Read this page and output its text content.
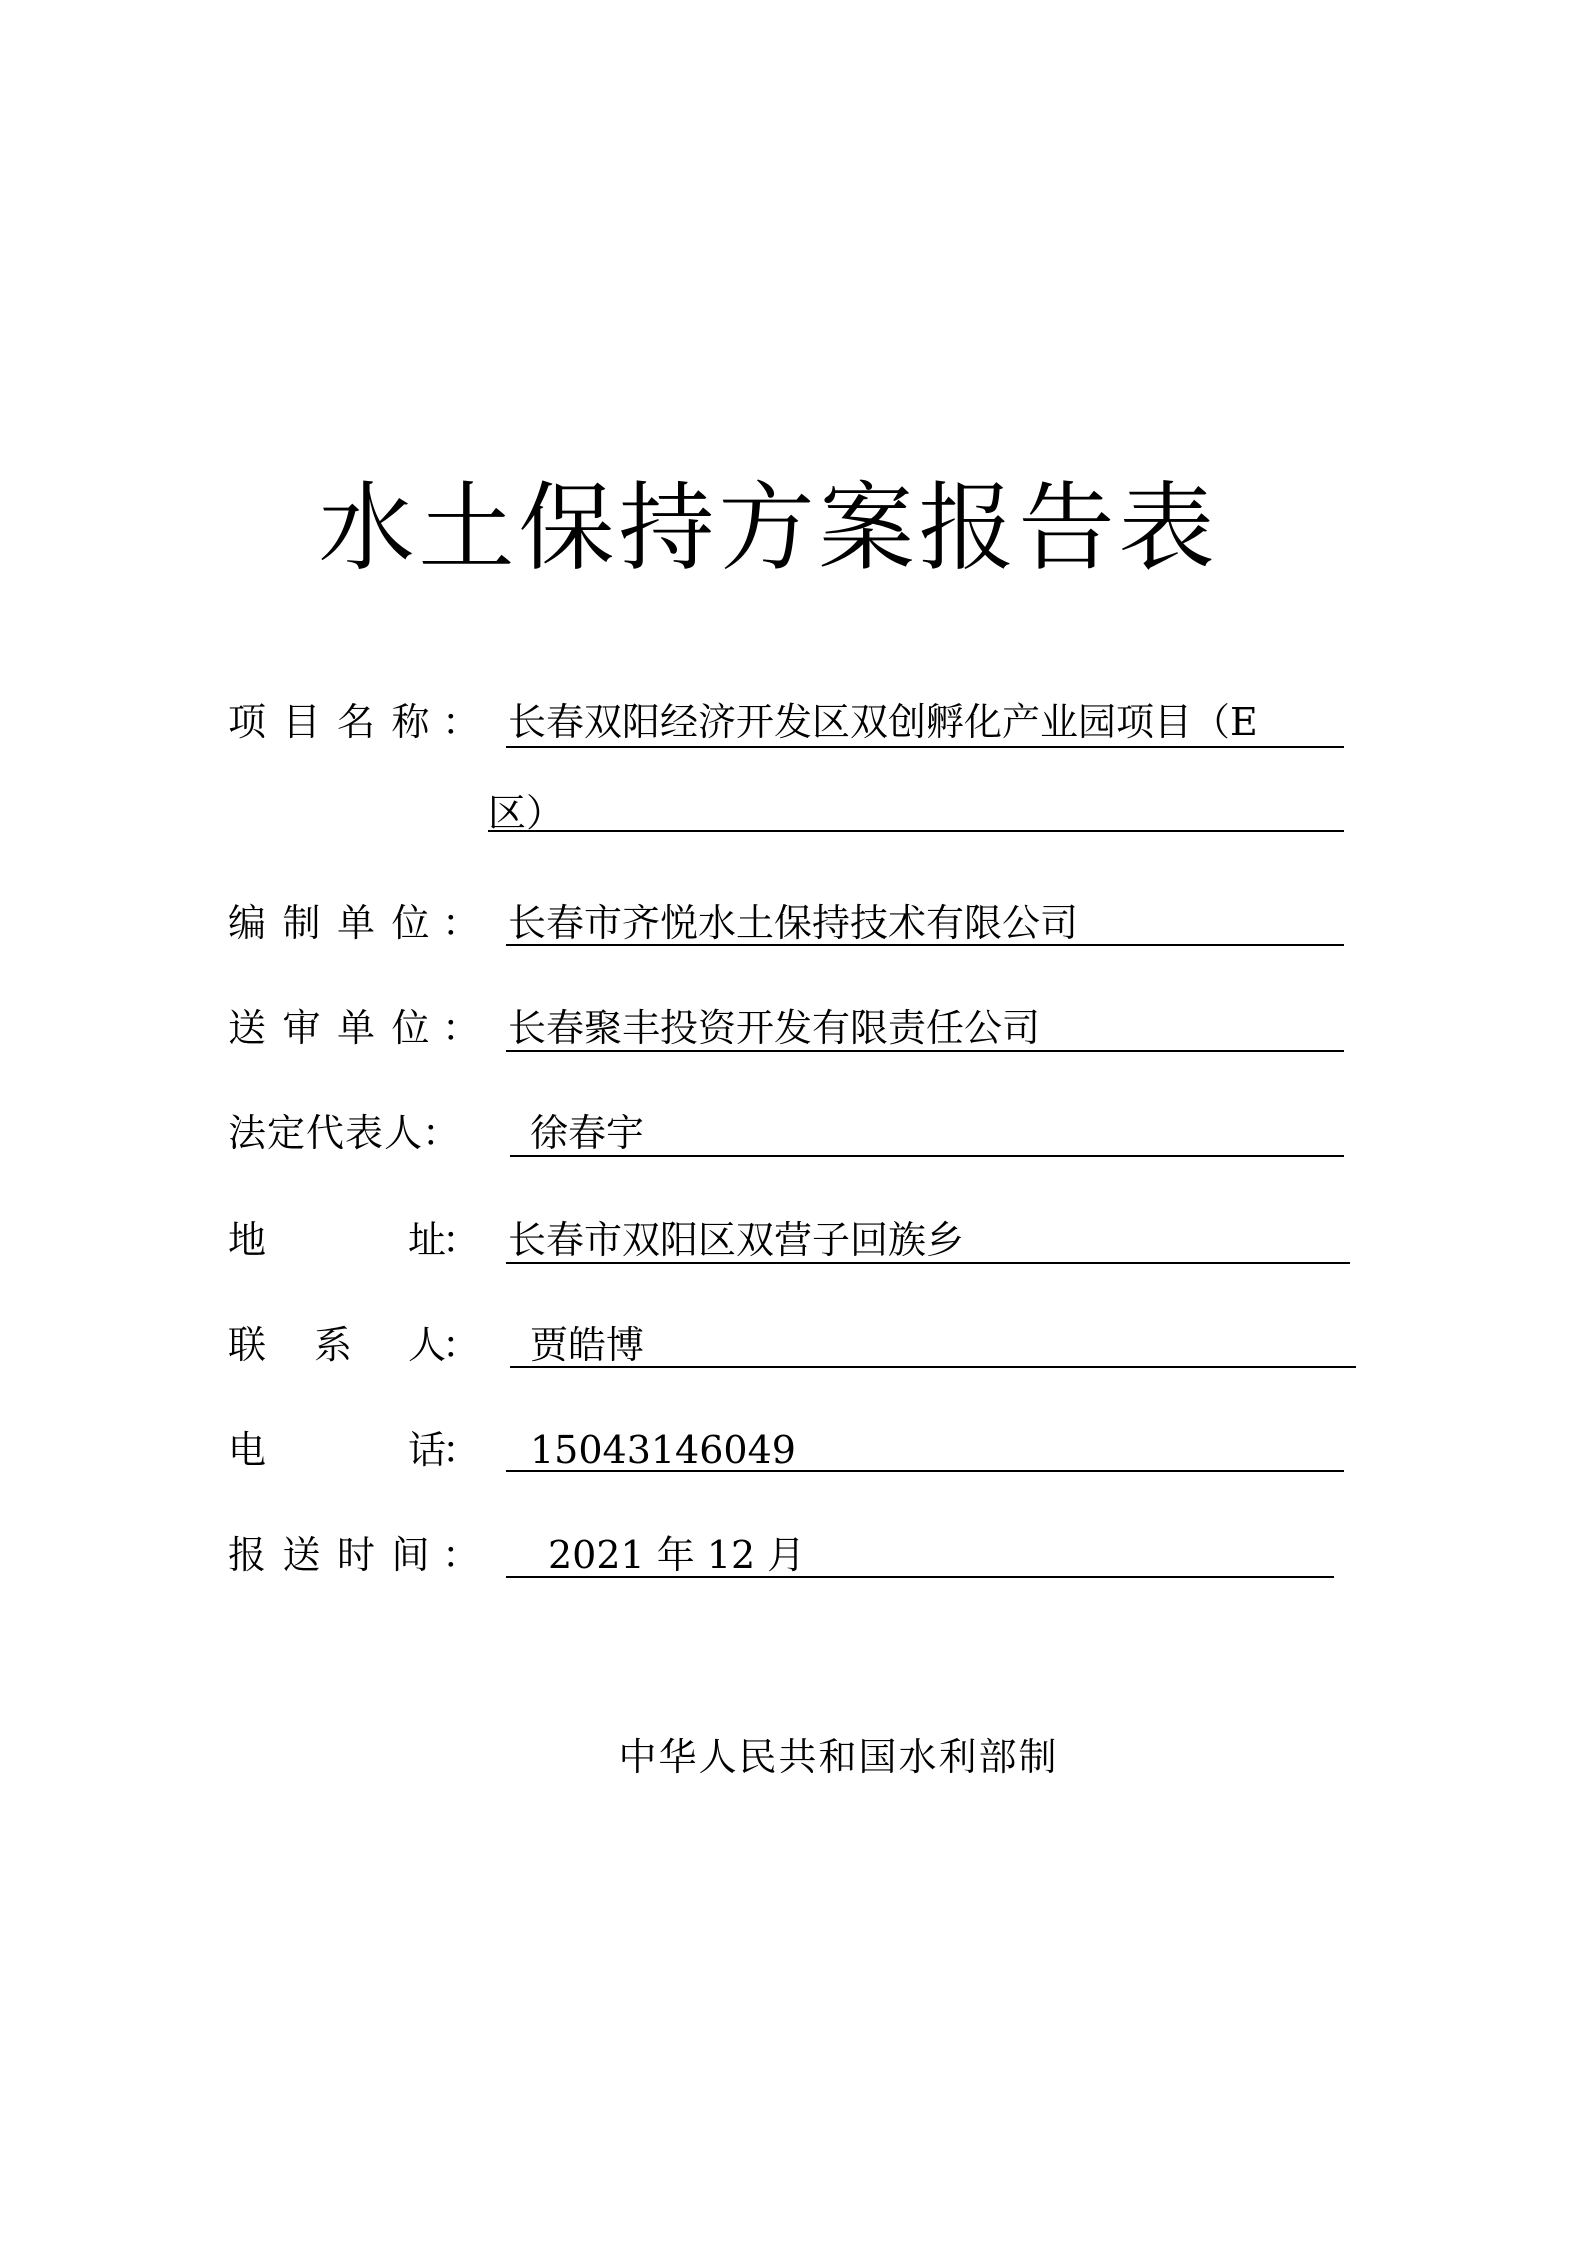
水土保持方案报告表
项 目 名 称 ： 长春双阳经济开发区双创孵化产业园项目（E
区）
编 制 单 位 ： 长春市齐悦水土保持技术有限公司
送 审 单 位 ： 长春聚丰投资开发有限责任公司
法 定 代 表 人： 徐春宇
地	址
： 长春市双阳区双营子回族乡
联 系 人
： 贾皓博
电	话
： 15043146049
报 送 时 间 ： 2021 年 12 月
中华人民共和国水利部制
